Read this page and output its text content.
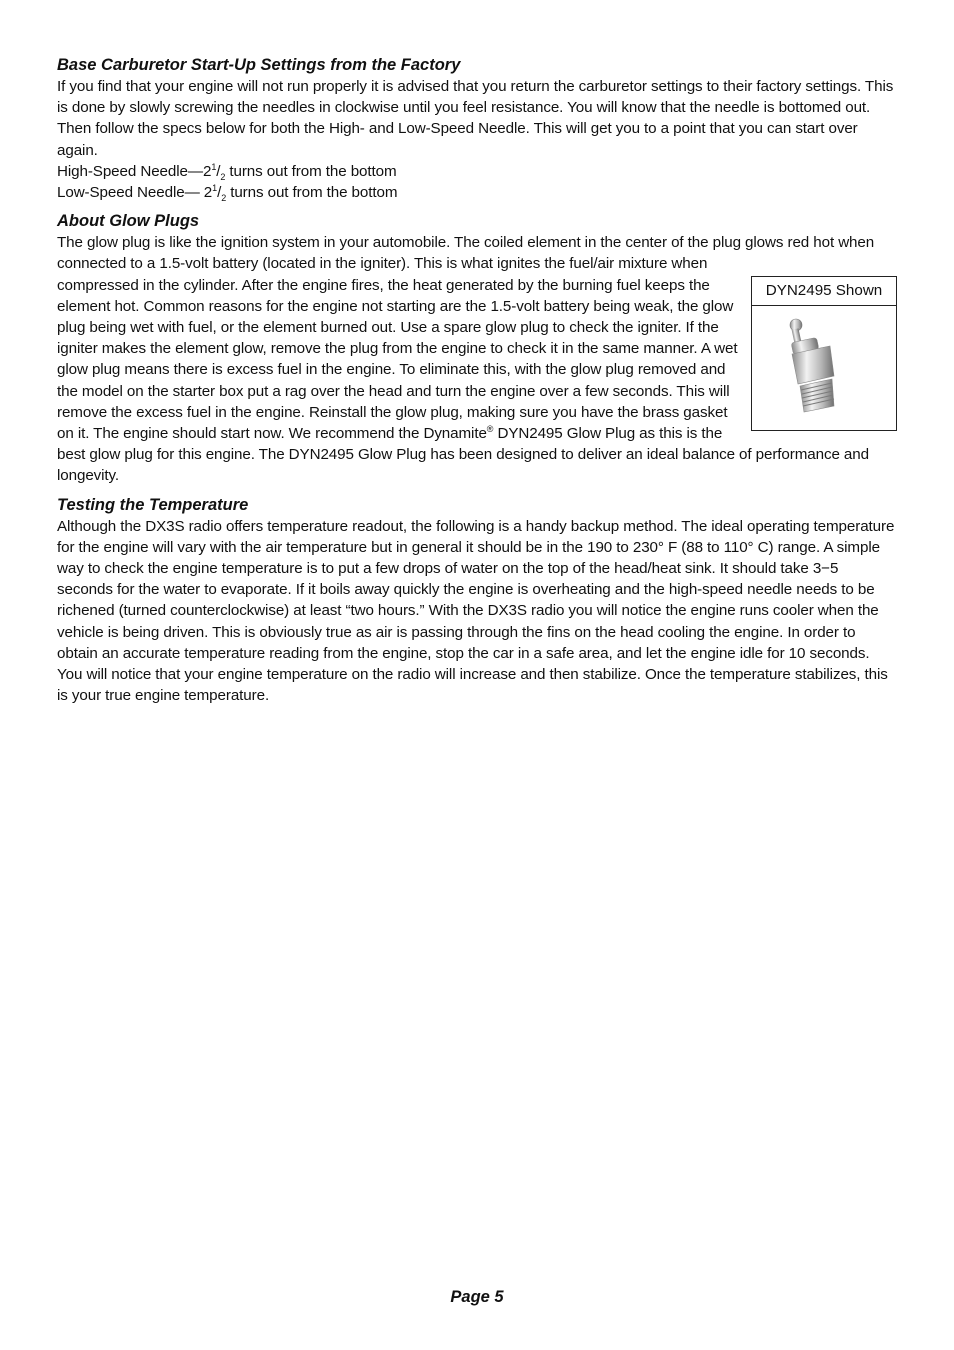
Base Carburetor Start-Up Settings from the Factory

If you find that your engine will not run properly it is advised that you return the carburetor settings to their factory settings. This is done by slowly screwing the needles in clockwise until you feel resistance. You will know that the needle is bottomed out. Then follow the specs below for both the High- and Low-Speed Needle. This will get you to a point that you can start over again.

High-Speed $Needle—2^1/_2$ turns out from the bottom

Low-Speed Needle— $2^1/_2$ turns out from the bottom

About Glow Plugs
DYN2495 Shown

The glow plug is like the ignition system in your automobile. The coiled element in the center of the plug glows red hot when connected to a 1.5-volt battery (located in the igniter). This is what ignites the fuel/air mixture when compressed in the cylinder. After the engine fires, the heat generated by the burning fuel keeps the element hot. Common reasons for the engine not starting are the 1.5-volt battery being weak, the glow plug being wet with fuel, or the element burned out. Use a spare glow plug to check the igniter. If the igniter makes the element glow, remove the plug from the engine to check it in the same manner. A wet glow plug means there is excess fuel in the engine. To eliminate this, with the glow plug removed and the model on the starter box put a rag over the head and turn the engine over a few seconds. This will remove the excess fuel in the engine. Reinstall the glow plug, making sure you have the brass gasket on it. The engine should start now. We recommend the Dynamite® DYN2495 Glow Plug as this is the best glow plug for this engine. The DYN2495 Glow Plug has been designed to deliver an ideal balance of performance and longevity.

Testing the Temperature

Although the DX3S radio offers temperature readout, the following is a handy backup method. The ideal operating temperature for the engine will vary with the air temperature but in general it should be in the 190 to 230° F (88 to 110° C) range. A simple way to check the engine temperature is to put a few drops of water on the top of the head/heat sink. It should take 3−5 seconds for the water to evaporate. If it boils away quickly the engine is overheating and the high-speed needle needs to be richened (turned counterclockwise) at least “two hours.” With the DX3S radio you will notice the engine runs cooler when the vehicle is being driven. This is obviously true as air is passing through the fins on the head cooling the engine. In order to obtain an accurate temperature reading from the engine, stop the car in a safe area, and let the engine idle for 10 seconds. You will notice that your engine temperature on the radio will increase and then stabilize. Once the temperature stabilizes, this is your true engine temperature.

Page 5
